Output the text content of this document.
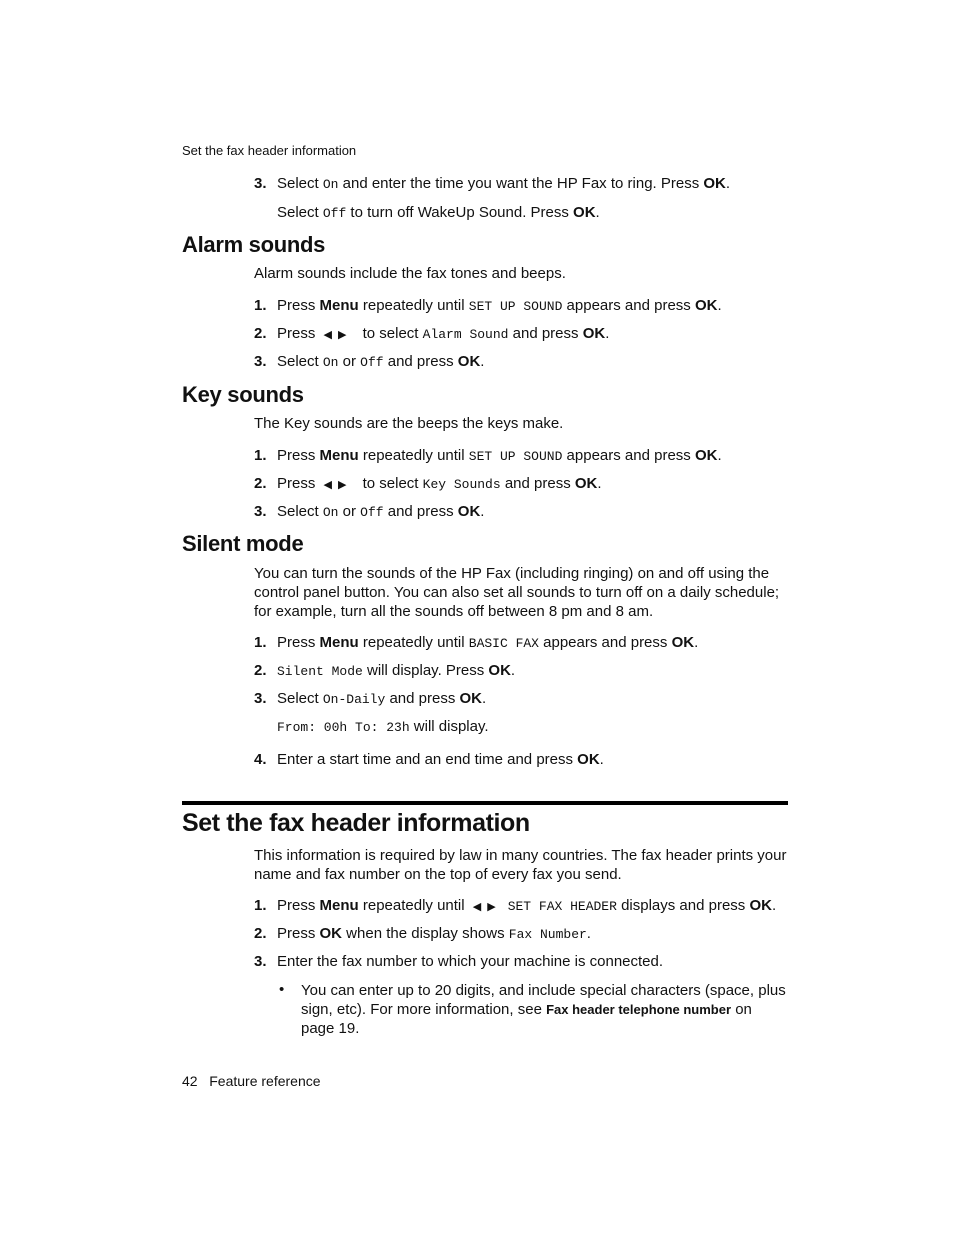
Set the fax header information
3. Select On and enter the time you want the HP Fax to ring. Press OK.
Select Off to turn off WakeUp Sound. Press OK.
Alarm sounds
Alarm sounds include the fax tones and beeps.
1. Press Menu repeatedly until SET UP SOUND appears and press OK.
2. Press ◀▶ to select Alarm Sound and press OK.
3. Select On or Off and press OK.
Key sounds
The Key sounds are the beeps the keys make.
1. Press Menu repeatedly until SET UP SOUND appears and press OK.
2. Press ◀▶ to select Key Sounds and press OK.
3. Select On or Off and press OK.
Silent mode
You can turn the sounds of the HP Fax (including ringing) on and off using the control panel button. You can also set all sounds to turn off on a daily schedule; for example, turn all the sounds off between 8 pm and 8 am.
1. Press Menu repeatedly until BASIC FAX appears and press OK.
2. Silent Mode will display. Press OK.
3. Select On-Daily and press OK.
From: 00h To: 23h will display.
4. Enter a start time and an end time and press OK.
Set the fax header information
This information is required by law in many countries. The fax header prints your name and fax number on the top of every fax you send.
1. Press Menu repeatedly until ◀▶ SET FAX HEADER displays and press OK.
2. Press OK when the display shows Fax Number.
3. Enter the fax number to which your machine is connected.
• You can enter up to 20 digits, and include special characters (space, plus sign, etc). For more information, see Fax header telephone number on page 19.
42 Feature reference
